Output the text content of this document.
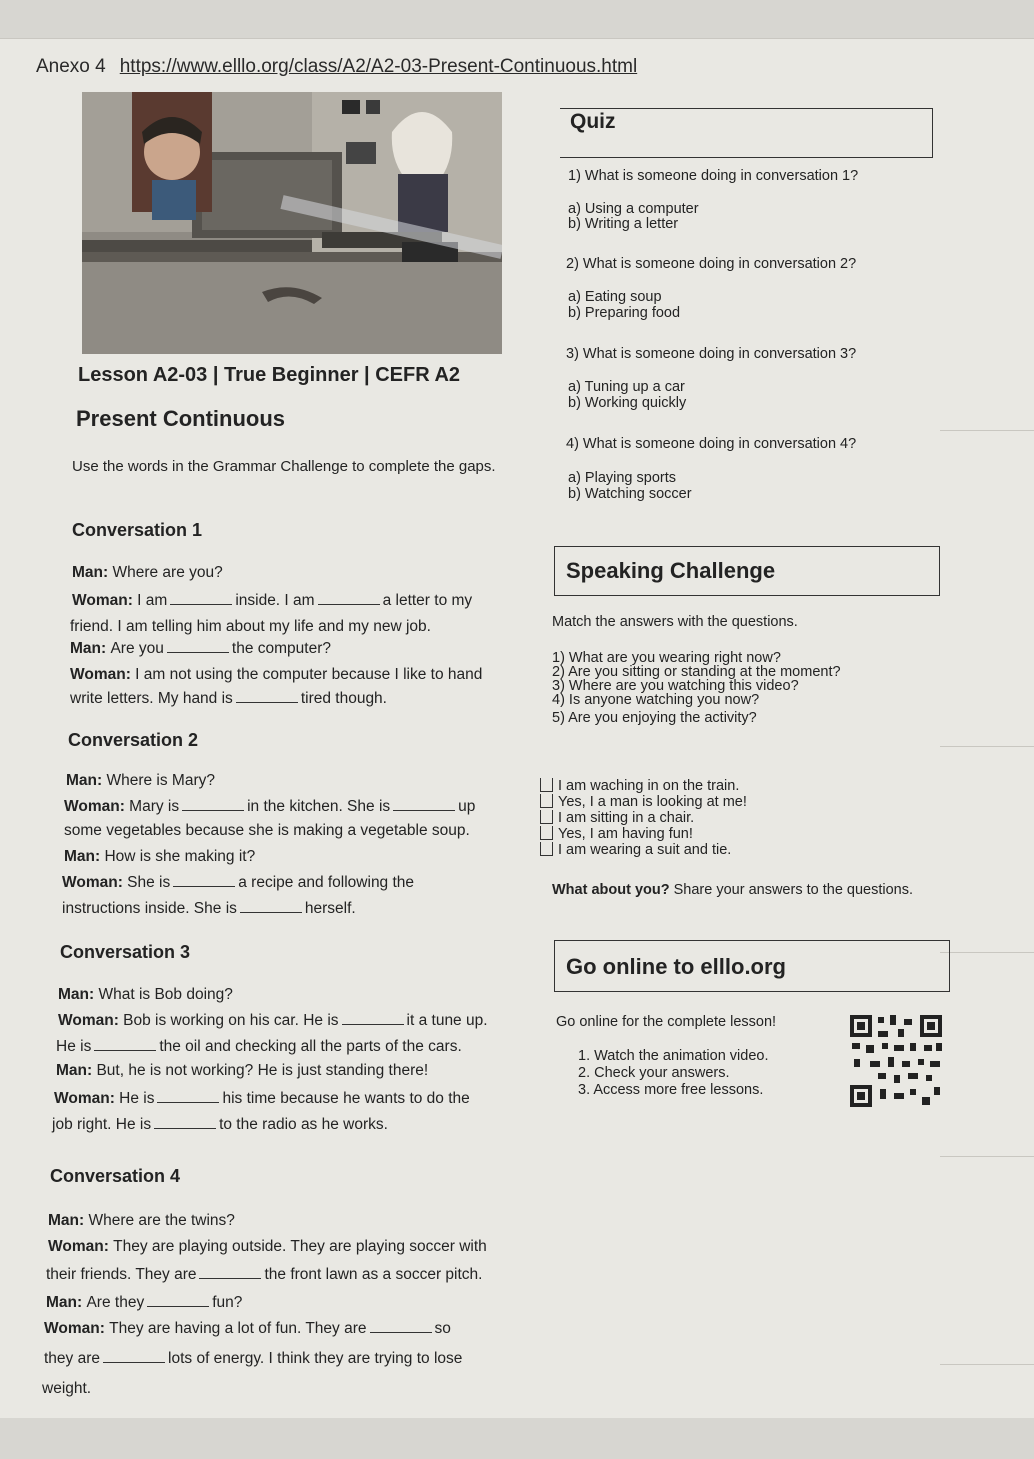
Anexo 4 https://www.elllo.org/class/A2/A2-03-Present-Continuous.html
Lesson A2-03 | True Beginner | CEFR A2
Present Continuous
Use the words in the Grammar Challenge to complete the gaps.
Conversation 1
Man: Where are you?
Woman: I am	inside. I am	a letter to my
friend. I am telling him about my life and my new job.
Man: Are you	the computer?
Woman: I am not using the computer because I like to hand
write letters. My hand is	tired though.
Conversation 2
Man: Where is Mary?
Woman: Mary is	in the kitchen. She is	up
some vegetables because she is making a vegetable soup.
Man: How is she making it?
Woman: She is	a recipe and following the
instructions inside. She is	herself.
Conversation 3
Man: What is Bob doing?
Woman: Bob is working on his car. He is	it a tune up.
He is	the oil and checking all the parts of the cars.
Man: But, he is not working? He is just standing there!
Woman: He is	his time because he wants to do the
job right. He is	to the radio as he works.
Conversation 4
Man: Where are the twins?
Woman: They are playing outside. They are playing soccer with
their friends. They are	the front lawn as a soccer pitch.
Man: Are they	fun?
Woman: They are having a lot of fun. They are	so
they are	lots of energy. I think they are trying to lose
weight.
Quiz
1) What is someone doing in conversation 1?
a) Using a computer
b) Writing a letter
2) What is someone doing in conversation 2?
a) Eating soup
b) Preparing food
3) What is someone doing in conversation 3?
a) Tuning up a car
b) Working quickly
4) What is someone doing in conversation 4?
a) Playing sports
b) Watching soccer
Speaking Challenge
Match the answers with the questions.
1) What are you wearing right now?
2) Are you sitting or standing at the moment?
3) Where are you watching this video?
4) Is anyone watching you now?
5) Are you enjoying the activity?
I am waching in on the train.
Yes, I a man is looking at me!
I am sitting in a chair.
Yes, I am having fun!
I am wearing a suit and tie.
What about you? Share your answers to the questions.
Go online to elllo.org
Go online for the complete lesson!
1. Watch the animation video.
2. Check your answers.
3. Access more free lessons.
